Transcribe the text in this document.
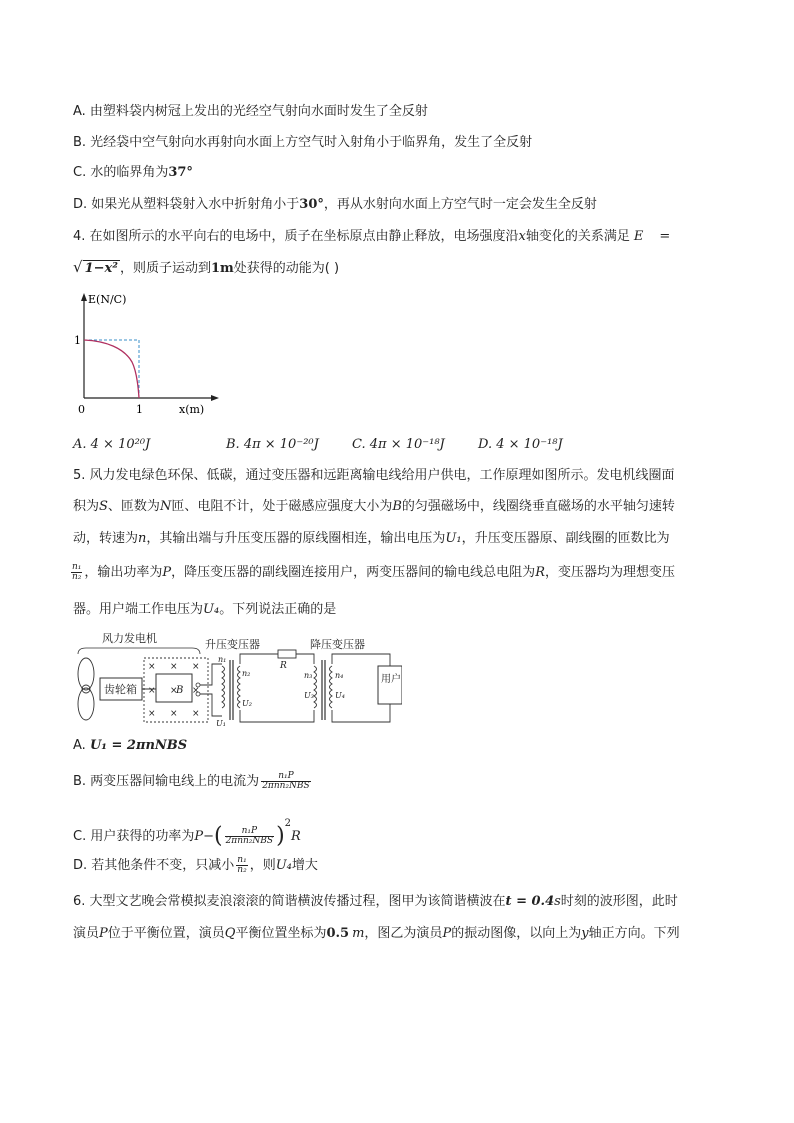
A. 由塑料袋内树冠上发出的光经空气射向水面时发生了全反射
B. 光经袋中空气射向水再射向水面上方空气时入射角小于临界角，发生了全反射
C. 水的临界角为37°
D. 如果光从塑料袋射入水中折射角小于30°，再从水射向水面上方空气时一定会发生全反射
4. 在如图所示的水平向右的电场中，质子在坐标原点由静止释放，电场强度沿x轴变化的关系满足 E =
√ 1−x² ，则质子运动到1m处获得的动能为( )
E(N/C)
1
0	1	x(m)
A. 4 × 10²⁰J	B. 4π × 10⁻²⁰J	C. 4π × 10⁻¹⁸J	D. 4 × 10⁻¹⁸J
5. 风力发电绿色环保、低碳，通过变压器和远距离输电线给用户供电，工作原理如图所示。发电机线圈面
积为S、匝数为N匝、电阻不计，处于磁感应强度大小为B的匀强磁场中，线圈绕垂直磁场的水平轴匀速转
动，转速为n，其输出端与升压变压器的原线圈相连，输出电压为U₁，升压变压器原、副线圈的匝数比为
$\frac{\text{n₁}}{\text{n₂}}$ ，输出功率为P，降压变压器的副线圈连接用户，两变压器间的输电线总电阻为R，变压器均为理想变压
器。用户端工作电压为U₄。下列说法正确的是
风力发电机	升压变压器	降压变压器
齿轮箱
× × ×
× × ×
× × ×
B
n₁
n₂
U₂
U₁
R
n₃
U₃
n₄
U₄
用户
A. U₁ = 2πnNBS
B. 两变压器间输电线上的电流为 $\frac{\text{n₁P}}{\text{2πnn₂NBS}}$
C. 用户获得的功率为$P-( \frac{\text{n₁P}}{\text{2πnn₂NBS}} )^2R$
D. 若其他条件不变，只减小 $\frac{\text{n₁}}{\text{n₂}}$ ，则U₄增大
6. 大型文艺晚会常模拟麦浪滚滚的简谐横波传播过程，图甲为该简谐横波在t = 0.4s时刻的波形图，此时
演员P位于平衡位置，演员Q平衡位置坐标为0.5 m，图乙为演员P的振动图像，以向上为y轴正方向。下列
